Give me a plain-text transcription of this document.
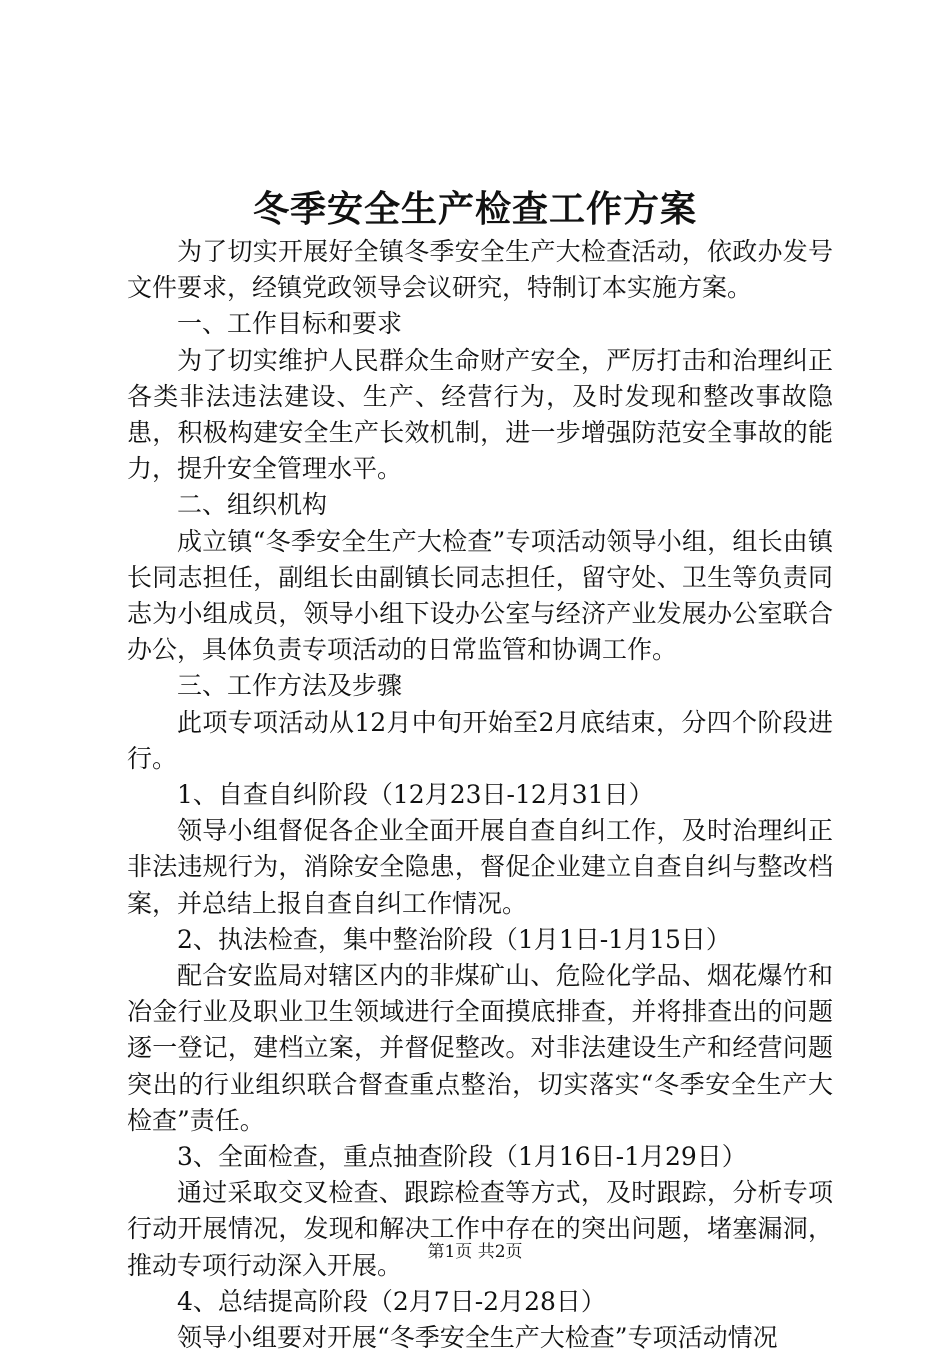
冬季安全生产检查工作方案

为了切实开展好全镇冬季安全生产大检查活动，依政办发号文件要求，经镇党政领导会议研究，特制订本实施方案。

一、工作目标和要求

为了切实维护人民群众生命财产安全，严厉打击和治理纠正各类非法违法建设、生产、经营行为，及时发现和整改事故隐患，积极构建安全生产长效机制，进一步增强防范安全事故的能力，提升安全管理水平。

二、组织机构

成立镇“冬季安全生产大检查”专项活动领导小组，组长由镇长同志担任，副组长由副镇长同志担任，留守处、卫生等负责同志为小组成员，领导小组下设办公室与经济产业发展办公室联合办公，具体负责专项活动的日常监管和协调工作。

三、工作方法及步骤

此项专项活动从12月中旬开始至2月底结束，分四个阶段进行。

1、自查自纠阶段（12月23日-12月31日）

领导小组督促各企业全面开展自查自纠工作，及时治理纠正非法违规行为，消除安全隐患，督促企业建立自查自纠与整改档案，并总结上报自查自纠工作情况。

2、执法检查，集中整治阶段（1月1日-1月15日）

配合安监局对辖区内的非煤矿山、危险化学品、烟花爆竹和冶金行业及职业卫生领域进行全面摸底排查，并将排查出的问题逐一登记，建档立案，并督促整改。对非法建设生产和经营问题突出的行业组织联合督查重点整治，切实落实“冬季安全生产大检查”责任。

3、全面检查，重点抽查阶段（1月16日-1月29日）

通过采取交叉检查、跟踪检查等方式，及时跟踪，分析专项行动开展情况，发现和解决工作中存在的突出问题，堵塞漏洞，推动专项行动深入开展。

4、总结提高阶段（2月7日-2月28日）

领导小组要对开展“冬季安全生产大检查”专项活动情况

第1页 共2页
